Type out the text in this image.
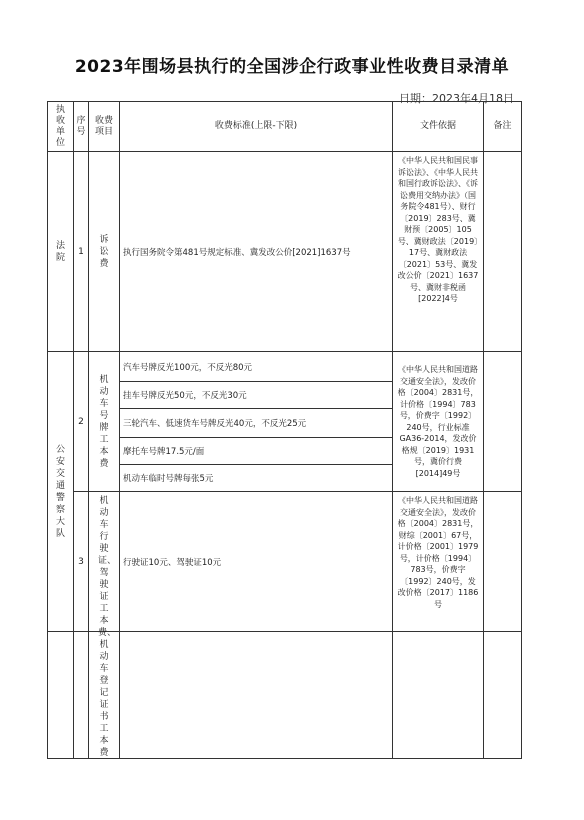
2023年围场县执行的全国涉企行政事业性收费目录清单
日期：2023年4月18日
执收单位	序号	收费项目	收费标准(上限-下限)	文件依据	备注

法院	1	诉讼费	执行国务院令第481号规定标准、冀发改公价[2021]1637号	《中华人民共和国民事诉讼法》、《中华人民共和国行政诉讼法》、《诉讼费用交纳办法》（国务院令481号）、财行〔2019〕283号、冀财预〔2005〕105号、冀财政法〔2019〕17号、冀财政法〔2021〕53号、冀发改公价〔2021〕1637号、冀财非税函[2022]4号	

公安交通警察大队	2	机动车号牌工本费	汽车号牌反光100元，不反光80元	《中华人民共和国道路交通安全法》，发改价格〔2004〕2831号，计价格〔1994〕783号，价费字〔1992〕240号，行业标准GA36-2014，发改价格规〔2019〕1931号，冀价行费[2014]49号	

			挂车号牌反光50元，不反光30元		
			三轮汽车、低速货车号牌反光40元，不反光25元		
			摩托车号牌17.5元/面		
			机动车临时号牌每张5元		
	3	机动车行驶证、驾驶证工本费、机动车登记证书工本费	行驶证10元、驾驶证10元	《中华人民共和国道路交通安全法》，发改价格〔2004〕2831号，财综〔2001〕67号，计价格〔2001〕1979号，计价格〔1994〕783号，价费字〔1992〕240号，发改价格〔2017〕1186号	
